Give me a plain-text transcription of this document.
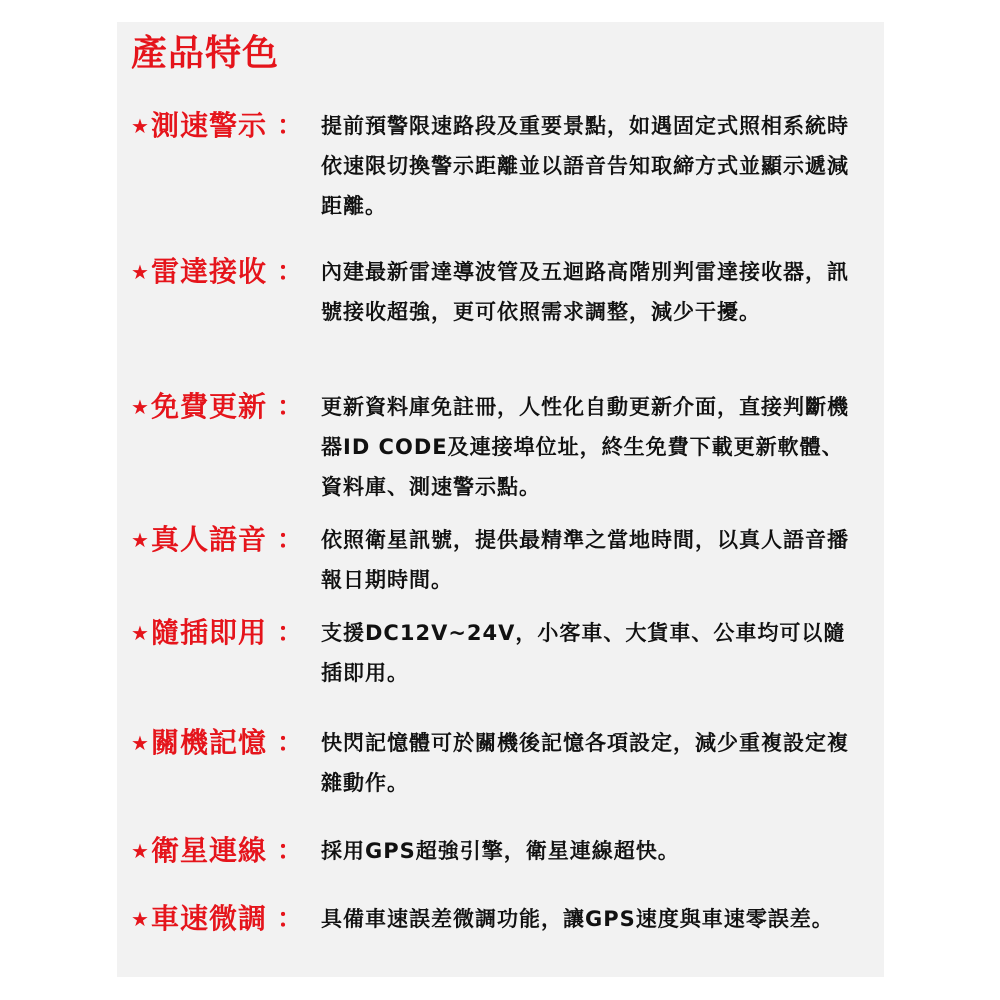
產品特色
★ 測速警示 ： 提前預警限速路段及重要景點，如遇固定式照相系統時依速限切換警示距離並以語音告知取締方式並顯示遞減距離。
★ 雷達接收 ： 內建最新雷達導波管及五迴路高階別判雷達接收器，訊號接收超強，更可依照需求調整，減少干擾。
★ 免費更新 ： 更新資料庫免註冊，人性化自動更新介面，直接判斷機器ID CODE及連接埠位址，終生免費下載更新軟體、資料庫、測速警示點。
★ 真人語音 ： 依照衛星訊號，提供最精準之當地時間，以真人語音播報日期時間。
★ 隨插即用 ： 支援DC12V~24V，小客車、大貨車、公車均可以隨插即用。
★ 關機記憶 ： 快閃記憶體可於關機後記憶各項設定，減少重複設定複雜動作。
★ 衛星連線 ： 採用GPS超強引擎，衛星連線超快。
★ 車速微調 ： 具備車速誤差微調功能，讓GPS速度與車速零誤差。
